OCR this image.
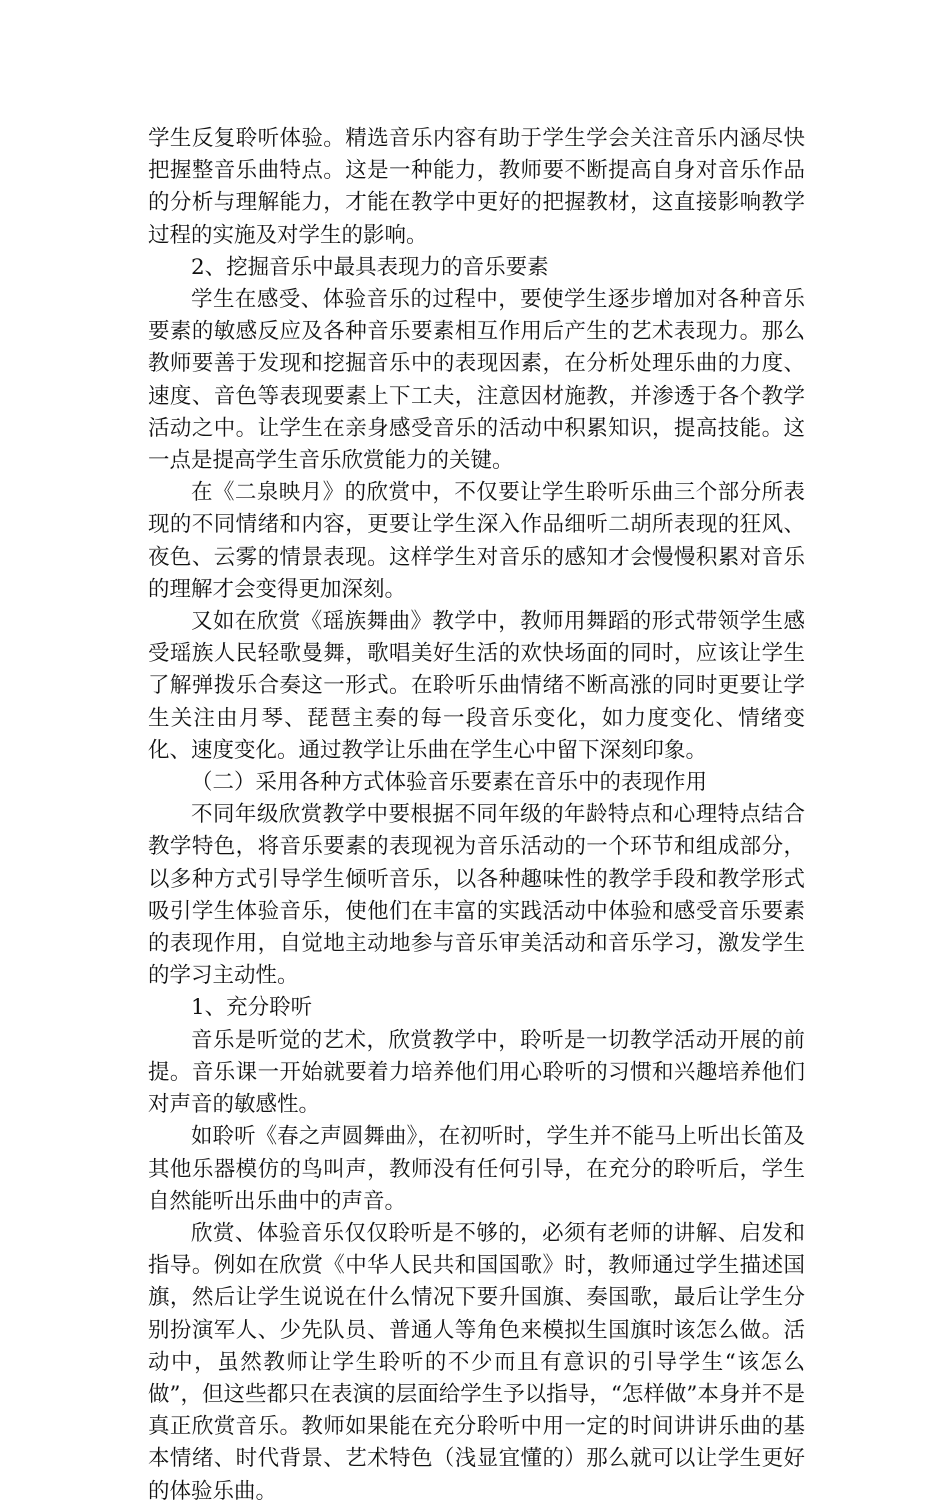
学生反复聆听体验。精选音乐内容有助于学生学会关注音乐内涵尽快把握整音乐曲特点。这是一种能力，教师要不断提高自身对音乐作品的分析与理解能力，才能在教学中更好的把握教材，这直接影响教学过程的实施及对学生的影响。

2、挖掘音乐中最具表现力的音乐要素

学生在感受、体验音乐的过程中，要使学生逐步增加对各种音乐要素的敏感反应及各种音乐要素相互作用后产生的艺术表现力。那么教师要善于发现和挖掘音乐中的表现因素，在分析处理乐曲的力度、速度、音色等表现要素上下工夫，注意因材施教，并渗透于各个教学活动之中。让学生在亲身感受音乐的活动中积累知识，提高技能。这一点是提高学生音乐欣赏能力的关键。

在《二泉映月》的欣赏中，不仅要让学生聆听乐曲三个部分所表现的不同情绪和内容，更要让学生深入作品细听二胡所表现的狂风、夜色、云雾的情景表现。这样学生对音乐的感知才会慢慢积累对音乐的理解才会变得更加深刻。

又如在欣赏《瑶族舞曲》教学中，教师用舞蹈的形式带领学生感受瑶族人民轻歌曼舞，歌唱美好生活的欢快场面的同时，应该让学生了解弹拨乐合奏这一形式。在聆听乐曲情绪不断高涨的同时更要让学生关注由月琴、琵琶主奏的每一段音乐变化，如力度变化、情绪变化、速度变化。通过教学让乐曲在学生心中留下深刻印象。

（二）采用各种方式体验音乐要素在音乐中的表现作用

不同年级欣赏教学中要根据不同年级的年龄特点和心理特点结合教学特色，将音乐要素的表现视为音乐活动的一个环节和组成部分，以多种方式引导学生倾听音乐，以各种趣味性的教学手段和教学形式吸引学生体验音乐，使他们在丰富的实践活动中体验和感受音乐要素的表现作用，自觉地主动地参与音乐审美活动和音乐学习，激发学生的学习主动性。

1、充分聆听

音乐是听觉的艺术，欣赏教学中，聆听是一切教学活动开展的前提。音乐课一开始就要着力培养他们用心聆听的习惯和兴趣培养他们对声音的敏感性。

如聆听《春之声圆舞曲》，在初听时，学生并不能马上听出长笛及其他乐器模仿的鸟叫声，教师没有任何引导，在充分的聆听后，学生自然能听出乐曲中的声音。

欣赏、体验音乐仅仅聆听是不够的，必须有老师的讲解、启发和指导。例如在欣赏《中华人民共和国国歌》时，教师通过学生描述国旗，然后让学生说说在什么情况下要升国旗、奏国歌，最后让学生分别扮演军人、少先队员、普通人等角色来模拟生国旗时该怎么做。活动中，虽然教师让学生聆听的不少而且有意识的引导学生“该怎么做”，但这些都只在表演的层面给学生予以指导，“怎样做”本身并不是真正欣赏音乐。教师如果能在充分聆听中用一定的时间讲讲乐曲的基本情绪、时代背景、艺术特色（浅显宜懂的）那么就可以让学生更好的体验乐曲。
